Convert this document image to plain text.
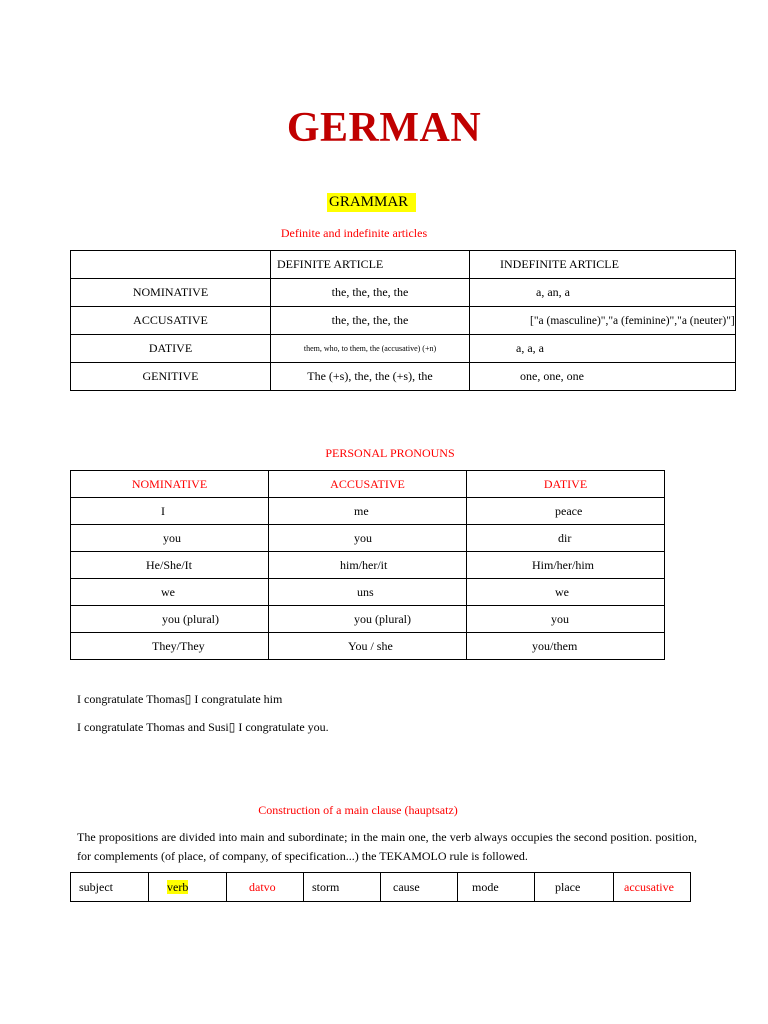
GERMAN
GRAMMAR
Definite and indefinite articles
	DEFINITE ARTICLE	INDEFINITE ARTICLE
NOMINATIVE	the, the, the, the	a, an, a
ACCUSATIVE	the, the, the, the	["a (masculine)","a (feminine)","a (neuter)"]
DATIVE	them, who, to them, the (accusative) (+n)	a, a, a
GENITIVE	The (+s), the, the (+s), the	one, one, one
PERSONAL PRONOUNS
NOMINATIVE	ACCUSATIVE	DATIVE
I	me	peace
you	you	dir
He/She/It	him/her/it	Him/her/him
we	uns	we
you (plural)	you (plural)	you
They/They	You / she	you/them
I congratulate Thomas▯ I congratulate him
I congratulate Thomas and Susi▯ I congratulate you.
Construction of a main clause (hauptsatz)
The propositions are divided into main and subordinate; in the main one, the verb always occupies the second position. position, for complements (of place, of company, of specification...) the TEKAMOLO rule is followed.
subject	verb	datvo	storm	cause	mode	place	accusative
